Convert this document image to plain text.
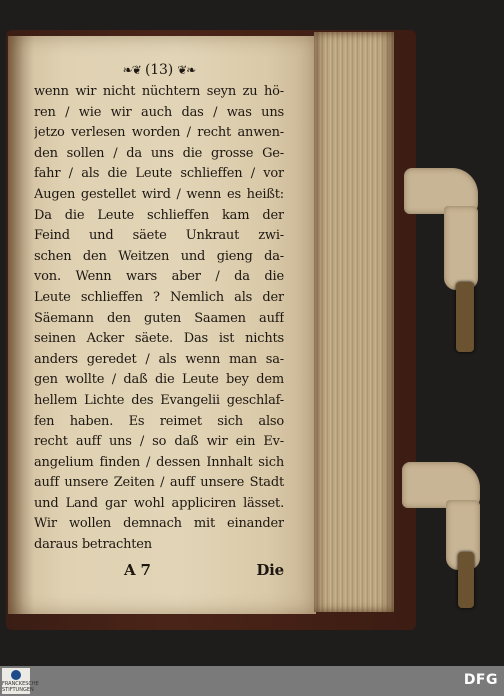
❧❦ (13) ❦❧
wenn wir nicht nüchtern seyn zu hö-
ren / wie wir auch das / was uns
jetzo verlesen worden / recht anwen-
den sollen / da uns die grosse Ge-
fahr / als die Leute schlieffen / vor
Augen gestellet wird / wenn es heißt:
Da die Leute schlieffen kam der
Feind und säete Unkraut zwi-
schen den Weitzen und gieng da-
von. Wenn wars aber / da die
Leute schlieffen ? Nemlich als der
Säemann den guten Saamen auff
seinen Acker säete. Das ist nichts
anders geredet / als wenn man sa-
gen wollte / daß die Leute bey dem
hellem Lichte des Evangelii geschlaf-
fen haben. Es reimet sich also
recht auff uns / so daß wir ein Ev-
angelium finden / dessen Innhalt sich
auff unsere Zeiten / auff unsere Stadt
und Land gar wohl appliciren lässet.
Wir wollen demnach mit einander
daraus betrachten
A 7	Die
FRANCKESCHE STIFTUNGEN
DFG
